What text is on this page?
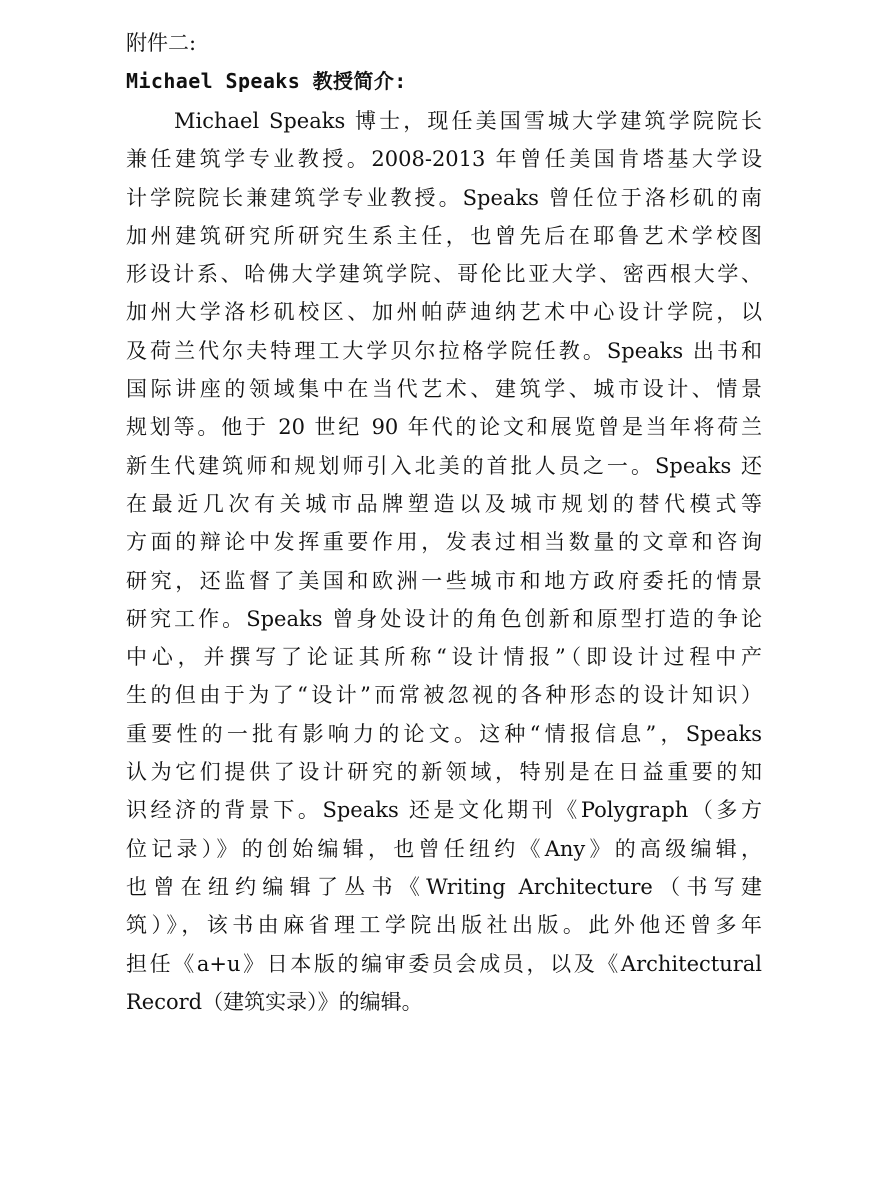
附件二:
Michael Speaks 教授简介:
Michael Speaks 博士，现任美国雪城大学建筑学院院长
兼任建筑学专业教授。2008-2013 年曾任美国肯塔基大学设
计学院院长兼建筑学专业教授。Speaks 曾任位于洛杉矶的南
加州建筑研究所研究生系主任，也曾先后在耶鲁艺术学校图
形设计系、哈佛大学建筑学院、哥伦比亚大学、密西根大学、
加州大学洛杉矶校区、加州帕萨迪纳艺术中心设计学院，以
及荷兰代尔夫特理工大学贝尔拉格学院任教。Speaks 出书和
国际讲座的领域集中在当代艺术、建筑学、城市设计、情景
规划等。他于 20 世纪 90 年代的论文和展览曾是当年将荷兰
新生代建筑师和规划师引入北美的首批人员之一。Speaks 还
在最近几次有关城市品牌塑造以及城市规划的替代模式等
方面的辩论中发挥重要作用，发表过相当数量的文章和咨询
研究，还监督了美国和欧洲一些城市和地方政府委托的情景
研究工作。Speaks 曾身处设计的角色创新和原型打造的争论
中心，并撰写了论证其所称“设计情报”（即设计过程中产
生的但由于为了“设计”而常被忽视的各种形态的设计知识）
重要性的一批有影响力的论文。这种“情报信息”，Speaks
认为它们提供了设计研究的新领域，特别是在日益重要的知
识经济的背景下。Speaks 还是文化期刊《Polygraph（多方
位记录）》的创始编辑，也曾任纽约《Any》的高级编辑，
也曾在纽约编辑了丛书《Writing Architecture（书写建
筑）》，该书由麻省理工学院出版社出版。此外他还曾多年
担任《a+u》日本版的编审委员会成员，以及《Architectural
Record（建筑实录）》的编辑。
